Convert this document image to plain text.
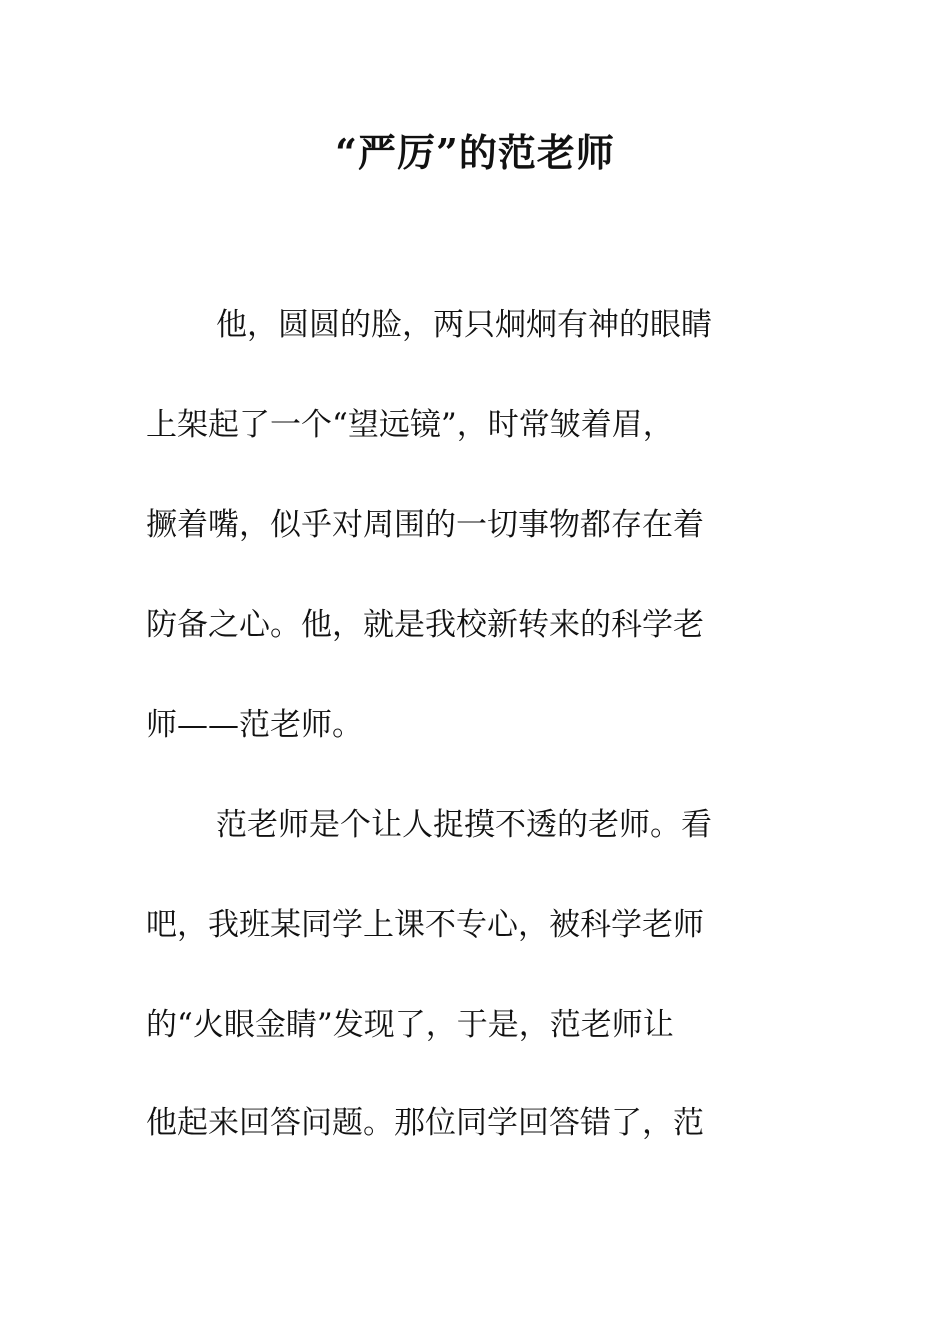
“严厉”的范老师
他，圆圆的脸，两只炯炯有神的眼睛
上架起了一个“望远镜”，时常皱着眉，
撅着嘴，似乎对周围的一切事物都存在着
防备之心。他，就是我校新转来的科学老
师——范老师。
范老师是个让人捉摸不透的老师。看
吧，我班某同学上课不专心，被科学老师
的“火眼金睛”发现了，于是，范老师让
他起来回答问题。那位同学回答错了，范
